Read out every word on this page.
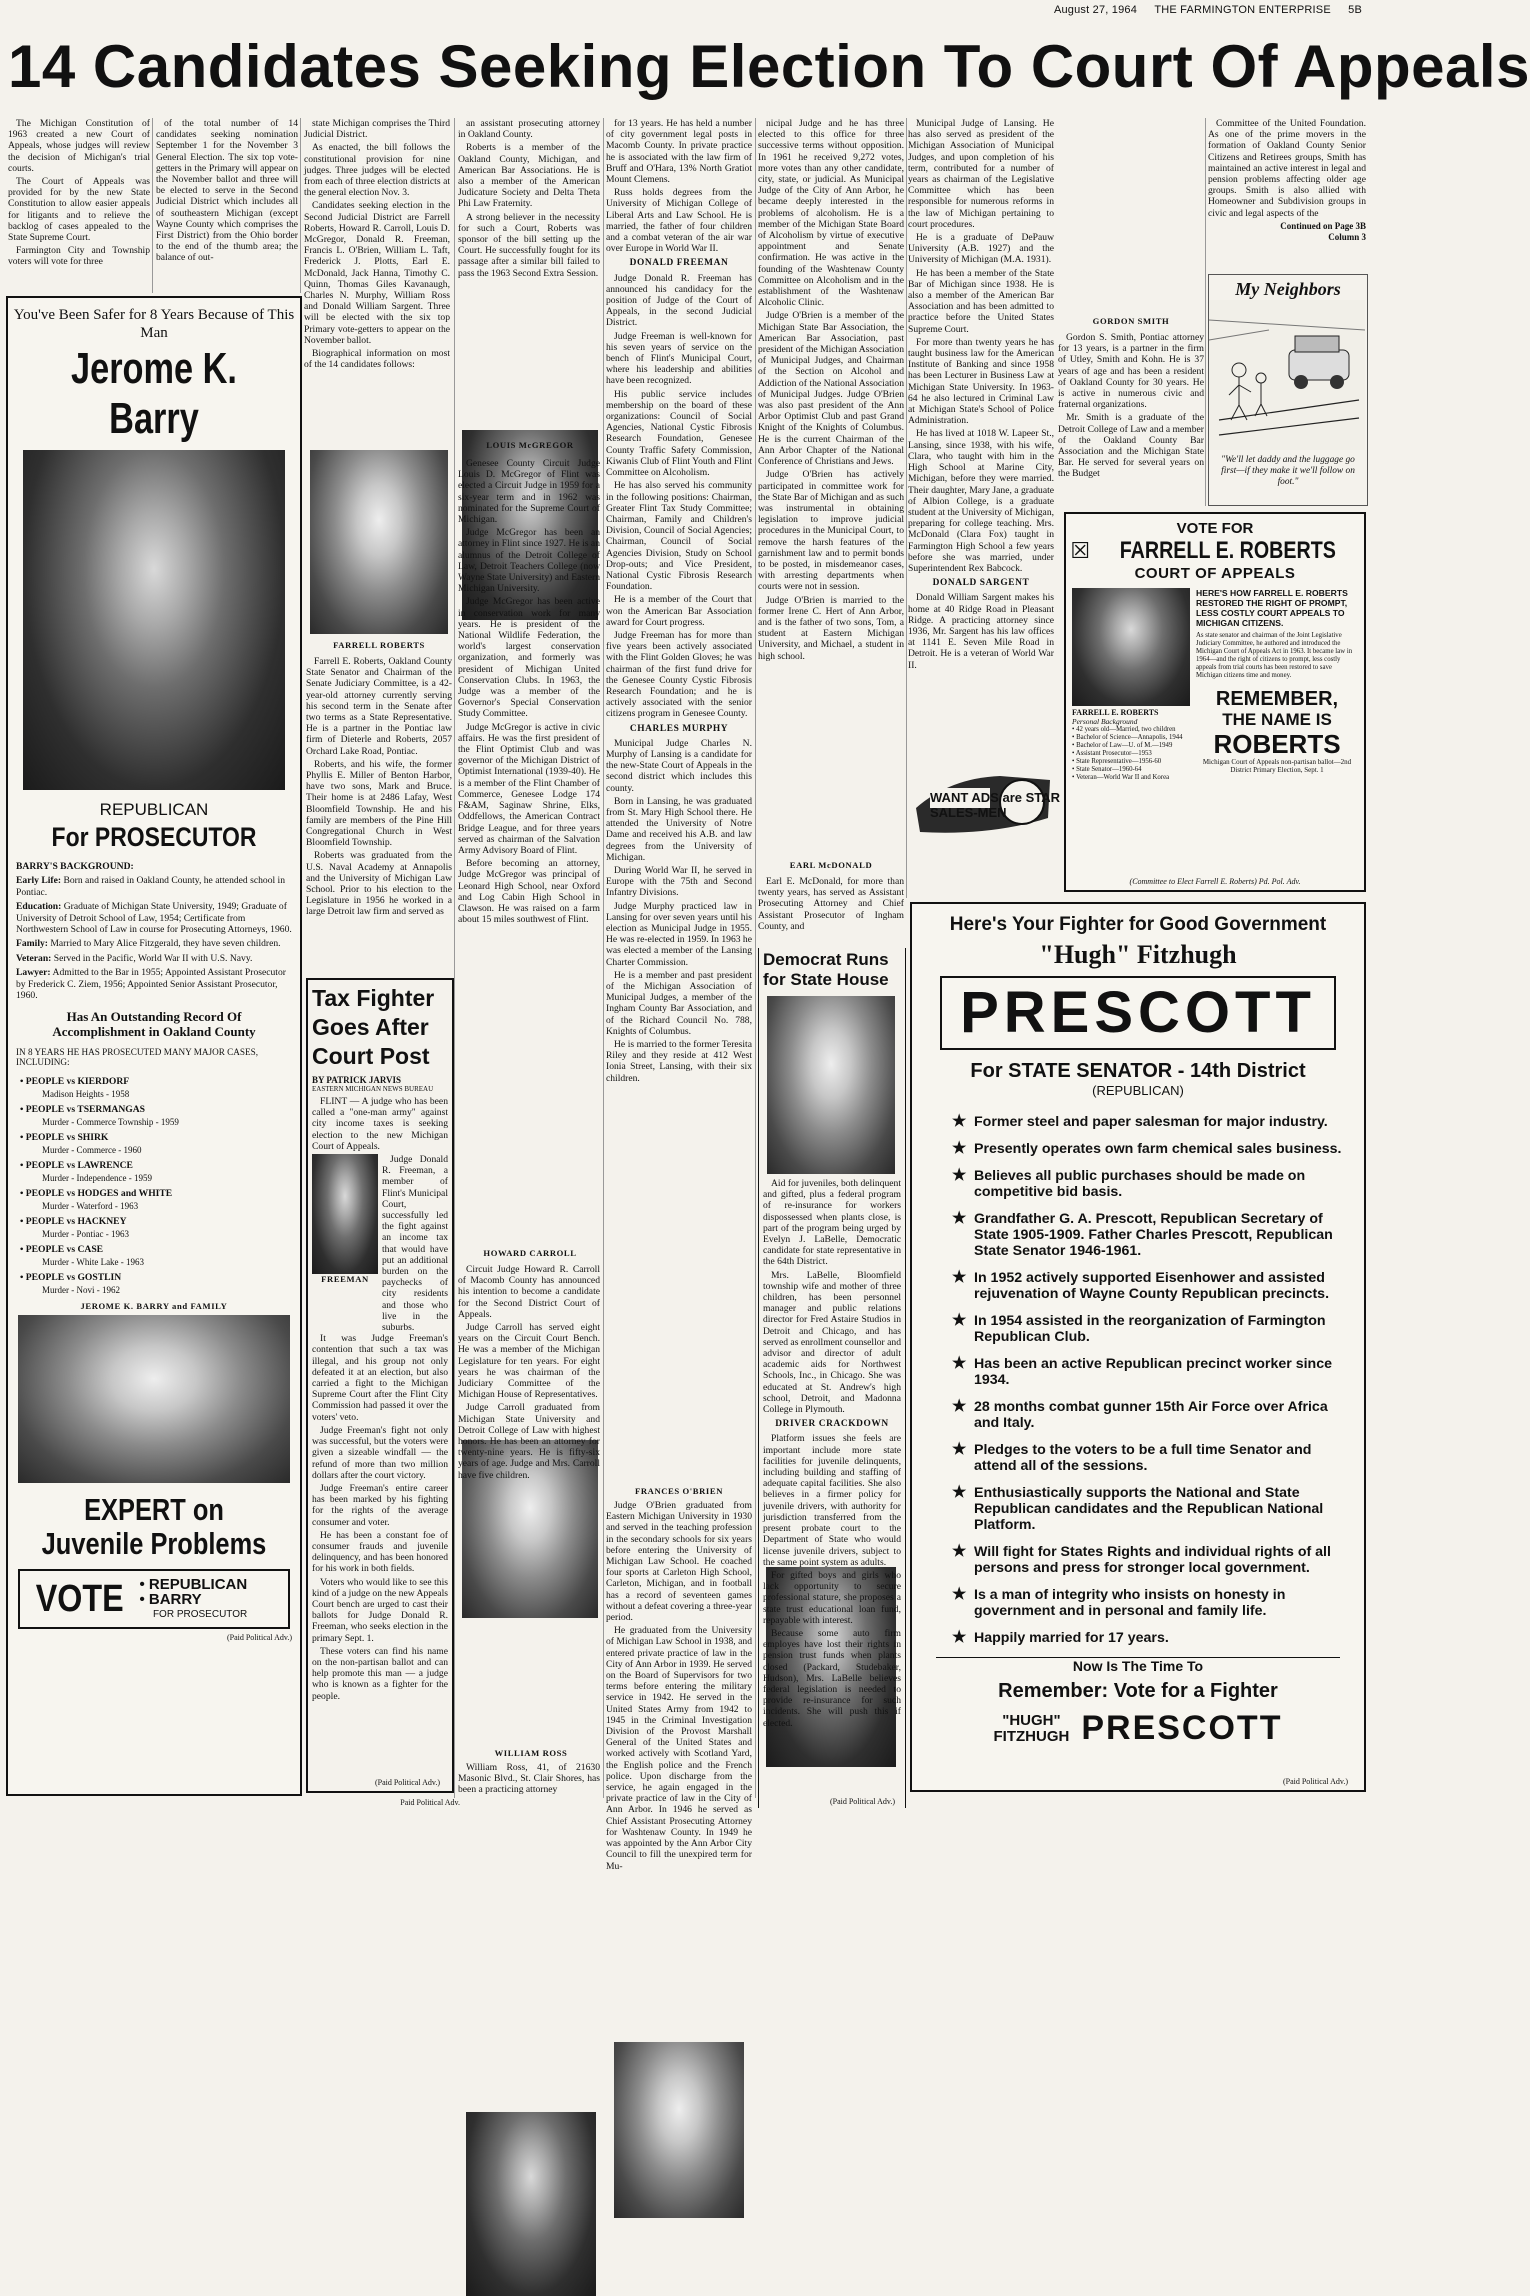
August 27, 1964 THE FARMINGTON ENTERPRISE 5B
14 Candidates Seeking Election To Court Of Appeals

The Michigan Constitution of 1963 created a new Court of Appeals, whose judges will review the decision of Michigan's trial courts.

The Court of Appeals was provided for by the new State Constitution to allow easier appeals for litigants and to relieve the backlog of cases appealed to the State Supreme Court.

Farmington City and Township voters will vote for three

of the total number of 14 candidates seeking nomination September 1 for the November 3 General Election. The six top vote-getters in the Primary will appear on the November ballot and three will be elected to serve in the Second Judicial District which includes all of southeastern Michigan (except Wayne County which comprises the First District) from the Ohio border to the end of the thumb area; the balance of out-

state Michigan comprises the Third Judicial District.

As enacted, the bill follows the constitutional provision for nine judges. Three judges will be elected from each of three election districts at the general election Nov. 3.

Candidates seeking election in the Second Judicial District are Farrell Roberts, Howard R. Carroll, Louis D. McGregor, Donald R. Freeman, Francis L. O'Brien, William L. Taft, Frederick J. Plotts, Earl E. McDonald, Jack Hanna, Timothy C. Quinn, Thomas Giles Kavanaugh, Charles N. Murphy, William Ross and Donald William Sargent. Three will be elected with the six top Primary vote-getters to appear on the November ballot.

Biographical information on most of the 14 candidates follows:

You've Been Safer for 8 Years Because of This Man
Jerome K. Barry
REPUBLICAN
For PROSECUTOR
BARRY'S BACKGROUND:
Early Life: Born and raised in Oakland County, he attended school in Pontiac.
Education: Graduate of Michigan State University, 1949; Graduate of University of Detroit School of Law, 1954; Certificate from Northwestern School of Law in course for Prosecuting Attorneys, 1960.
Family: Married to Mary Alice Fitzgerald, they have seven children.
Veteran: Served in the Pacific, World War II with U.S. Navy.
Lawyer: Admitted to the Bar in 1955; Appointed Assistant Prosecutor by Frederick C. Ziem, 1956; Appointed Senior Assistant Prosecutor, 1960.
Has An Outstanding Record Of Accomplishment in Oakland County
IN 8 YEARS HE HAS PROSECUTED MANY MAJOR CASES, INCLUDING:
• PEOPLE vs KIERDORF
Madison Heights - 1958
• PEOPLE vs TSERMANGAS
Murder - Commerce Township - 1959
• PEOPLE vs SHIRK
Murder - Commerce - 1960
• PEOPLE vs LAWRENCE
Murder - Independence - 1959
• PEOPLE vs HODGES and WHITE
Murder - Waterford - 1963
• PEOPLE vs HACKNEY
Murder - Pontiac - 1963
• PEOPLE vs CASE
Murder - White Lake - 1963
• PEOPLE vs GOSTLIN
Murder - Novi - 1962
JEROME K. BARRY and FAMILY
EXPERT on
Juvenile Problems
VOTE	• REPUBLICAN
• BARRY
FOR PROSECUTOR
(Paid Political Adv.)
FARRELL ROBERTS

Farrell E. Roberts, Oakland County State Senator and Chairman of the Senate Judiciary Committee, is a 42-year-old attorney currently serving his second term in the Senate after two terms as a State Representative. He is a partner in the Pontiac law firm of Dieterle and Roberts, 2057 Orchard Lake Road, Pontiac.

Roberts, and his wife, the former Phyllis E. Miller of Benton Harbor, have two sons, Mark and Bruce. Their home is at 2486 Lafay, West Bloomfield Township. He and his family are members of the Pine Hill Congregational Church in West Bloomfield Township.

Roberts was graduated from the U.S. Naval Academy at Annapolis and the University of Michigan Law School. Prior to his election to the Legislature in 1956 he worked in a large Detroit law firm and served as

Tax Fighter Goes After Court Post
BY PATRICK JARVIS
EASTERN MICHIGAN NEWS BUREAU

FLINT — A judge who has been called a "one-man army" against city income taxes is seeking election to the new Michigan Court of Appeals.

FREEMAN

Judge Donald R. Freeman, a member of Flint's Municipal Court, successfully led the fight against an income tax that would have put an additional burden on the paychecks of city residents and those who live in the suburbs.

It was Judge Freeman's contention that such a tax was illegal, and his group not only defeated it at an election, but also carried a fight to the Michigan Supreme Court after the Flint City Commission had passed it over the voters' veto.

Judge Freeman's fight not only was successful, but the voters were given a sizeable windfall — the refund of more than two million dollars after the court victory.

Judge Freeman's entire career has been marked by his fighting for the rights of the average consumer and voter.

He has been a constant foe of consumer frauds and juvenile delinquency, and has been honored for his work in both fields.

Voters who would like to see this kind of a judge on the new Appeals Court bench are urged to cast their ballots for Judge Donald R. Freeman, who seeks election in the primary Sept. 1.

These voters can find his name on the non-partisan ballot and can help promote this man — a judge who is known as a fighter for the people.

(Paid Political Adv.)

an assistant prosecuting attorney in Oakland County.

Roberts is a member of the Oakland County, Michigan, and American Bar Associations. He is also a member of the American Judicature Society and Delta Theta Phi Law Fraternity.

A strong believer in the necessity for such a Court, Roberts was sponsor of the bill setting up the Court. He successfully fought for its passage after a similar bill failed to pass the 1963 Second Extra Session.

LOUIS McGREGOR

Genesee County Circuit Judge Louis D. McGregor of Flint was elected a Circuit Judge in 1959 for a six-year term and in 1962 was nominated for the Supreme Court of Michigan.

Judge McGregor has been an attorney in Flint since 1927. He is an alumnus of the Detroit College of Law, Detroit Teachers College (now Wayne State University) and Eastern Michigan University.

Judge McGregor has been active in conservation work for many years. He is president of the National Wildlife Federation, the world's largest conservation organization, and formerly was president of Michigan United Conservation Clubs. In 1963, the Judge was a member of the Governor's Special Conservation Study Committee.

Judge McGregor is active in civic affairs. He was the first president of the Flint Optimist Club and was governor of the Michigan District of Optimist International (1939-40). He is a member of the Flint Chamber of Commerce, Genesee Lodge 174 F&AM, Saginaw Shrine, Elks, Oddfellows, the American Contract Bridge League, and for three years served as chairman of the Salvation Army Advisory Board of Flint.

Before becoming an attorney, Judge McGregor was principal of Leonard High School, near Oxford and Log Cabin High School in Clawson. He was raised on a farm about 15 miles southwest of Flint.

HOWARD CARROLL

Circuit Judge Howard R. Carroll of Macomb County has announced his intention to become a candidate for the Second District Court of Appeals.

Judge Carroll has served eight years on the Circuit Court Bench. He was a member of the Michigan Legislature for ten years. For eight years he was chairman of the Judiciary Committee of the Michigan House of Representatives.

Judge Carroll graduated from Michigan State University and Detroit College of Law with highest honors. He has been an attorney for twenty-nine years. He is fifty-six years of age. Judge and Mrs. Carroll have five children.

WILLIAM ROSS

William Ross, 41, of 21630 Masonic Blvd., St. Clair Shores, has been a practicing attorney

Paid Political Adv.

for 13 years. He has held a number of city government legal posts in Macomb County. In private practice he is associated with the law firm of Bruff and O'Hara, 13% North Gratiot Mount Clemens.

Russ holds degrees from the University of Michigan College of Liberal Arts and Law School. He is married, the father of four children and a combat veteran of the air war over Europe in World War II.

DONALD FREEMAN

Judge Donald R. Freeman has announced his candidacy for the position of Judge of the Court of Appeals, in the second Judicial District.

Judge Freeman is well-known for his seven years of service on the bench of Flint's Municipal Court, where his leadership and abilities have been recognized.

His public service includes membership on the board of these organizations: Council of Social Agencies, National Cystic Fibrosis Research Foundation, Genesee County Traffic Safety Commission, Kiwanis Club of Flint Youth and Flint Committee on Alcoholism.

He has also served his community in the following positions: Chairman, Greater Flint Tax Study Committee; Chairman, Family and Children's Division, Council of Social Agencies; Chairman, Council of Social Agencies Division, Study on School Drop-outs; and Vice President, National Cystic Fibrosis Research Foundation.

He is a member of the Court that won the American Bar Association award for Court progress.

Judge Freeman has for more than five years been actively associated with the Flint Golden Gloves; he was chairman of the first fund drive for the Genesee County Cystic Fibrosis Research Foundation; and he is actively associated with the senior citizens program in Genesee County.

CHARLES MURPHY

Municipal Judge Charles N. Murphy of Lansing is a candidate for the new-State Court of Appeals in the second district which includes this county.

Born in Lansing, he was graduated from St. Mary High School there. He attended the University of Notre Dame and received his A.B. and law degrees from the University of Michigan.

During World War II, he served in Europe with the 75th and Second Infantry Divisions.

Judge Murphy practiced law in Lansing for over seven years until his election as Municipal Judge in 1955. He was re-elected in 1959. In 1963 he was elected a member of the Lansing Charter Commission.

He is a member and past president of the Michigan Association of Municipal Judges, a member of the Ingham County Bar Association, and of the Richard Council No. 788, Knights of Columbus.

He is married to the former Teresita Riley and they reside at 412 West Ionia Street, Lansing, with their six children.

FRANCES O'BRIEN

Judge O'Brien graduated from Eastern Michigan University in 1930 and served in the teaching profession in the secondary schools for six years before entering the University of Michigan Law School. He coached four sports at Carleton High School, Carleton, Michigan, and in football has a record of seventeen games without a defeat covering a three-year period.

He graduated from the University of Michigan Law School in 1938, and entered private practice of law in the City of Ann Arbor in 1939. He served on the Board of Supervisors for two terms before entering the military service in 1942. He served in the United States Army from 1942 to 1945 in the Criminal Investigation Division of the Provost Marshall General of the United States and worked actively with Scotland Yard, the English police and the French police. Upon discharge from the service, he again engaged in the private practice of law in the City of Ann Arbor. In 1946 he served as Chief Assistant Prosecuting Attorney for Washtenaw County. In 1949 he was appointed by the Ann Arbor City Council to fill the unexpired term for Mu-

nicipal Judge and he has three elected to this office for three successive terms without opposition. In 1961 he received 9,272 votes, more votes than any other candidate, city, state, or judicial. As Municipal Judge of the City of Ann Arbor, he became deeply interested in the problems of alcoholism. He is a member of the Michigan State Board of Alcoholism by virtue of executive appointment and Senate confirmation. He was active in the founding of the Washtenaw County Committee on Alcoholism and in the establishment of the Washtenaw Alcoholic Clinic.

Judge O'Brien is a member of the Michigan State Bar Association, the American Bar Association, past president of the Michigan Association of Municipal Judges, and Chairman of the Section on Alcohol and Addiction of the National Association of Municipal Judges. Judge O'Brien was also past president of the Ann Arbor Optimist Club and past Grand Knight of the Knights of Columbus. He is the current Chairman of the Ann Arbor Chapter of the National Conference of Christians and Jews.

Judge O'Brien has actively participated in committee work for the State Bar of Michigan and as such was instrumental in obtaining legislation to improve judicial procedures in the Municipal Court, to remove the harsh features of the garnishment law and to permit bonds to be posted, in misdemeanor cases, with arresting departments when courts were not in session.

Judge O'Brien is married to the former Irene C. Hert of Ann Arbor, and is the father of two sons, Tom, a student at Eastern Michigan University, and Michael, a student in high school.

EARL McDONALD

Earl E. McDonald, for more than twenty years, has served as Assistant Prosecuting Attorney and Chief Assistant Prosecutor of Ingham County, and

Democrat Runs for State House

Aid for juveniles, both delinquent and gifted, plus a federal program of re-insurance for workers dispossessed when plants close, is part of the program being urged by Evelyn J. LaBelle, Democratic candidate for state representative in the 64th District.

Mrs. LaBelle, Bloomfield township wife and mother of three children, has been personnel manager and public relations director for Fred Astaire Studios in Detroit and Chicago, and has served as enrollment counsellor and advisor and director of adult academic aids for Northwest Schools, Inc., in Chicago. She was educated at St. Andrew's high school, Detroit, and Madonna College in Plymouth.

DRIVER CRACKDOWN

Platform issues she feels are important include more state facilities for juvenile delinquents, including building and staffing of adequate capital facilities. She also believes in a firmer policy for juvenile drivers, with authority for jurisdiction transferred from the present probate court to the Department of State who would license juvenile drivers, subject to the same point system as adults.

For gifted boys and girls who lack opportunity to secure professional stature, she proposes a state trust educational loan fund, repayable with interest.

Because some auto firm employes have lost their rights in pension trust funds when plants closed (Packard, Studebaker, Hudson), Mrs. LaBelle believes federal legislation is needed to provide re-insurance for such incidents. She will push this if elected.

(Paid Political Adv.)

Municipal Judge of Lansing. He has also served as president of the Michigan Association of Municipal Judges, and upon completion of his term, contributed for a number of years as chairman of the Legislative Committee which has been responsible for numerous reforms in the law of Michigan pertaining to court procedures.

He is a graduate of DePauw University (A.B. 1927) and the University of Michigan (M.A. 1931).

He has been a member of the State Bar of Michigan since 1938. He is also a member of the American Bar Association and has been admitted to practice before the United States Supreme Court.

For more than twenty years he has taught business law for the American Institute of Banking and since 1958 has been Lecturer in Business Law at Michigan State University. In 1963-64 he also lectured in Criminal Law at Michigan State's School of Police Administration.

He has lived at 1018 W. Lapeer St., Lansing, since 1938, with his wife, Clara, who taught with him in the High School at Marine City, Michigan, before they were married. Their daughter, Mary Jane, a graduate of Albion College, is a graduate student at the University of Michigan, preparing for college teaching. Mrs. McDonald (Clara Fox) taught in Farmington High School a few years before she was married, under Superintendent Rex Babcock.

DONALD SARGENT

Donald William Sargent makes his home at 40 Ridge Road in Pleasant Ridge. A practicing attorney since 1936, Mr. Sargent has his law offices at 1141 E. Seven Mile Road in Detroit. He is a veteran of World War II.

GORDON SMITH

Gordon S. Smith, Pontiac attorney for 13 years, is a partner in the firm of Utley, Smith and Kohn. He is 37 years of age and has been a resident of Oakland County for 30 years. He is active in numerous civic and fraternal organizations.

Mr. Smith is a graduate of the Detroit College of Law and a member of the Oakland County Bar Association and the Michigan State Bar. He served for several years on the Budget

Committee of the United Foundation. As one of the prime movers in the formation of Oakland County Senior Citizens and Retirees groups, Smith has maintained an active interest in legal and pension problems affecting older age groups. Smith is also allied with Homeowner and Subdivision groups in civic and legal aspects of the

Continued on Page 3B
Column 3
My Neighbors
"We'll let daddy and the luggage go first—if they make it we'll follow on foot."
WANT ADS are STAR SALES-MEN
VOTE FOR
☒ FARRELL E. ROBERTS
COURT OF APPEALS
FARRELL E. ROBERTS
Personal Background
• 42 years old—Married, two children
• Bachelor of Science—Annapolis, 1944
• Bachelor of Law—U. of M.—1949
• Assistant Prosecutor—1953
• State Representative—1956-60
• State Senator—1960-64
• Veteran—World War II and Korea
HERE'S HOW FARRELL E. ROBERTS RESTORED THE RIGHT OF PROMPT, LESS COSTLY COURT APPEALS TO MICHIGAN CITIZENS.
As state senator and chairman of the Joint Legislative Judiciary Committee, he authored and introduced the Michigan Court of Appeals Act in 1963. It became law in 1964—and the right of citizens to prompt, less costly appeals from trial courts has been restored to save Michigan citizens time and money.
REMEMBER,
THE NAME IS
ROBERTS
Michigan Court of Appeals non-partisan ballot—2nd District Primary Election, Sept. 1
(Committee to Elect Farrell E. Roberts) Pd. Pol. Adv.
Here's Your Fighter for Good Government
"Hugh" Fitzhugh
PRESCOTT
For STATE SENATOR - 14th District
(REPUBLICAN)
★ Former steel and paper salesman for major industry.
★ Presently operates own farm chemical sales business.
★ Believes all public purchases should be made on competitive bid basis.
★ Grandfather G. A. Prescott, Republican Secretary of State 1905-1909. Father Charles Prescott, Republican State Senator 1946-1961.
★ In 1952 actively supported Eisenhower and assisted rejuvenation of Wayne County Republican precincts.
★ In 1954 assisted in the reorganization of Farmington Republican Club.
★ Has been an active Republican precinct worker since 1934.
★ 28 months combat gunner 15th Air Force over Africa and Italy.
★ Pledges to the voters to be a full time Senator and attend all of the sessions.
★ Enthusiastically supports the National and State Republican candidates and the Republican National Platform.
★ Will fight for States Rights and individual rights of all persons and press for stronger local government.
★ Is a man of integrity who insists on honesty in government and in personal and family life.
★ Happily married for 17 years.
Now Is The Time To
Remember: Vote for a Fighter
"HUGH"
FITZHUGH PRESCOTT
(Paid Political Adv.)
